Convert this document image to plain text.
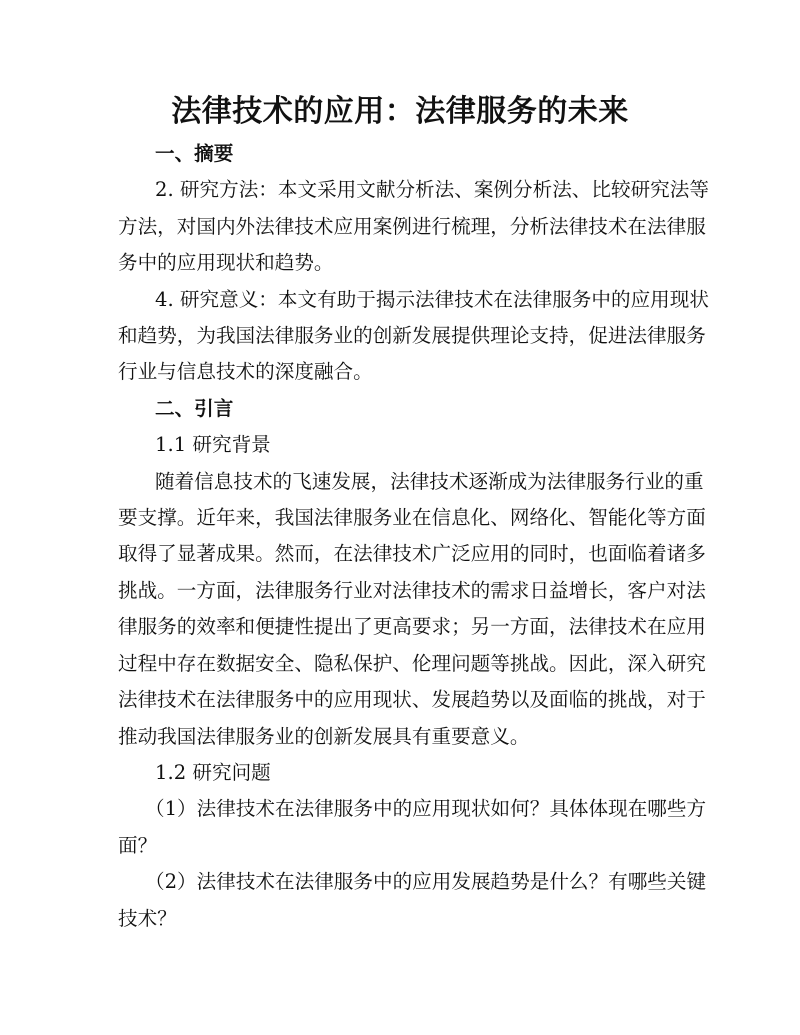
法律技术的应用：法律服务的未来

一、摘要

2. 研究方法：本文采用文献分析法、案例分析法、比较研究法等

方法，对国内外法律技术应用案例进行梳理，分析法律技术在法律服

务中的应用现状和趋势。

4. 研究意义：本文有助于揭示法律技术在法律服务中的应用现状

和趋势，为我国法律服务业的创新发展提供理论支持，促进法律服务

行业与信息技术的深度融合。

二、引言

1.1 研究背景

随着信息技术的飞速发展，法律技术逐渐成为法律服务行业的重

要支撑。近年来，我国法律服务业在信息化、网络化、智能化等方面

取得了显著成果。然而，在法律技术广泛应用的同时，也面临着诸多

挑战。一方面，法律服务行业对法律技术的需求日益增长，客户对法

律服务的效率和便捷性提出了更高要求；另一方面，法律技术在应用

过程中存在数据安全、隐私保护、伦理问题等挑战。因此，深入研究

法律技术在法律服务中的应用现状、发展趋势以及面临的挑战，对于

推动我国法律服务业的创新发展具有重要意义。

1.2 研究问题

（1）法律技术在法律服务中的应用现状如何？具体体现在哪些方

面？

（2）法律技术在法律服务中的应用发展趋势是什么？有哪些关键

技术？
